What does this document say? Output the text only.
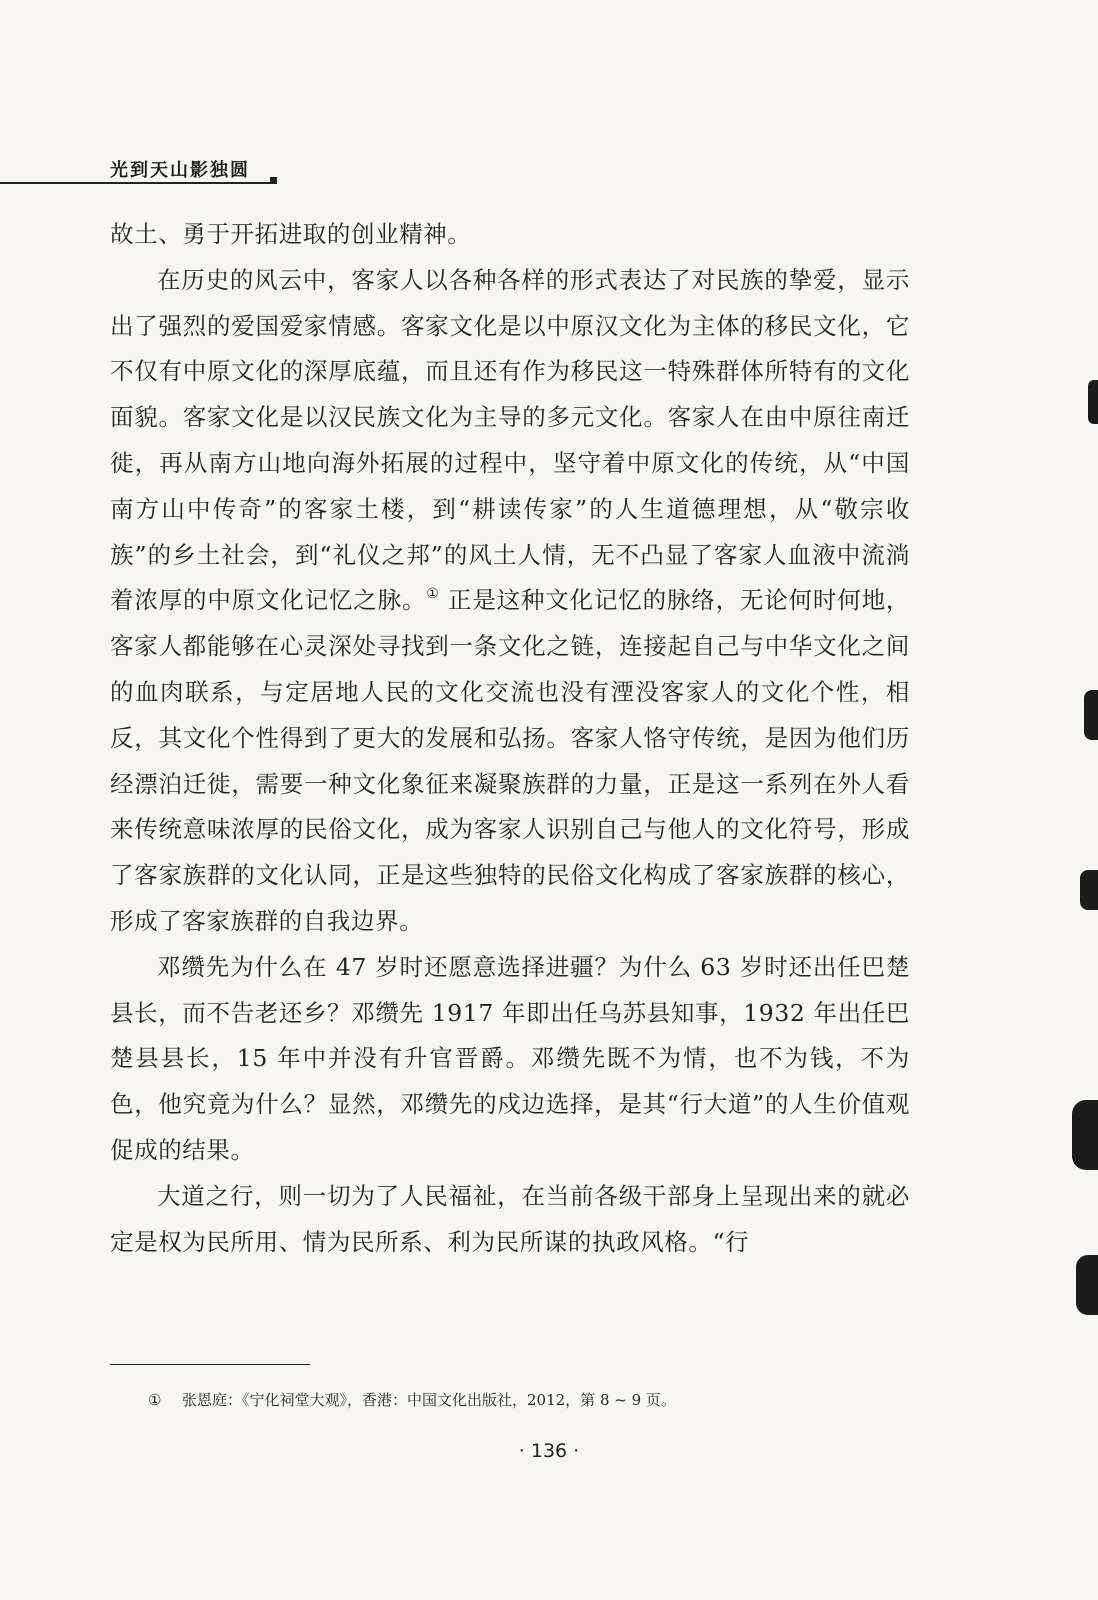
光到天山影独圆

故土、勇于开拓进取的创业精神。

在历史的风云中，客家人以各种各样的形式表达了对民族的挚爱，显示出了强烈的爱国爱家情感。客家文化是以中原汉文化为主体的移民文化，它不仅有中原文化的深厚底蕴，而且还有作为移民这一特殊群体所特有的文化面貌。客家文化是以汉民族文化为主导的多元文化。客家人在由中原往南迁徙，再从南方山地向海外拓展的过程中，坚守着中原文化的传统，从“中国南方山中传奇”的客家土楼，到“耕读传家”的人生道德理想，从“敬宗收族”的乡土社会，到“礼仪之邦”的风土人情，无不凸显了客家人血液中流淌着浓厚的中原文化记忆之脉。① 正是这种文化记忆的脉络，无论何时何地，客家人都能够在心灵深处寻找到一条文化之链，连接起自己与中华文化之间的血肉联系，与定居地人民的文化交流也没有湮没客家人的文化个性，相反，其文化个性得到了更大的发展和弘扬。客家人恪守传统，是因为他们历经漂泊迁徙，需要一种文化象征来凝聚族群的力量，正是这一系列在外人看来传统意味浓厚的民俗文化，成为客家人识别自己与他人的文化符号，形成了客家族群的文化认同，正是这些独特的民俗文化构成了客家族群的核心，形成了客家族群的自我边界。

邓缵先为什么在 47 岁时还愿意选择进疆？为什么 63 岁时还出任巴楚县长，而不告老还乡？邓缵先 1917 年即出任乌苏县知事，1932 年出任巴楚县县长，15 年中并没有升官晋爵。邓缵先既不为情，也不为钱，不为色，他究竟为什么？显然，邓缵先的戍边选择，是其“行大道”的人生价值观促成的结果。

大道之行，则一切为了人民福祉，在当前各级干部身上呈现出来的就必定是权为民所用、情为民所系、利为民所谋的执政风格。“行

① 张恩庭：《宁化祠堂大观》，香港：中国文化出版社，2012，第 8 ~ 9 页。
· 136 ·
